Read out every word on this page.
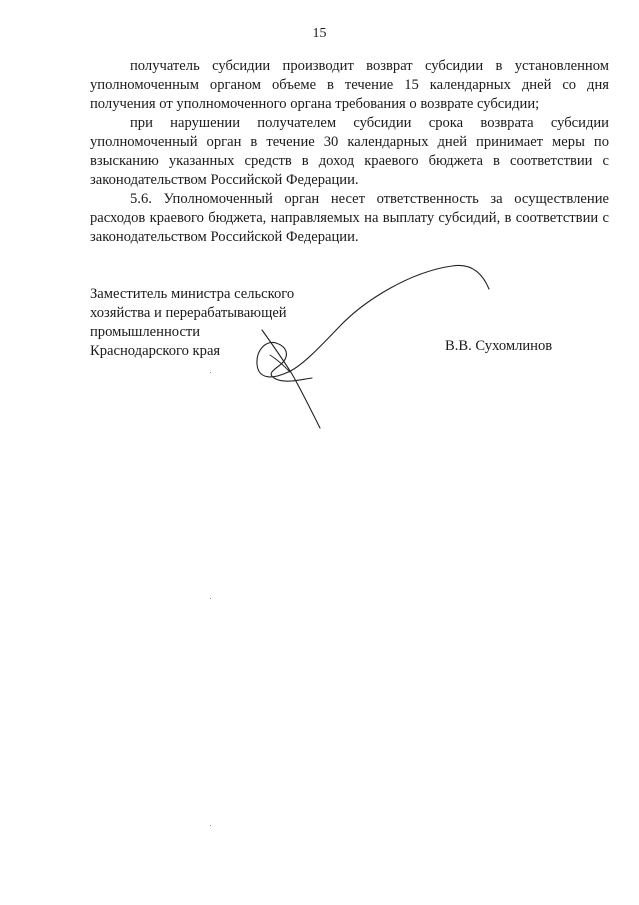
15

получатель субсидии производит возврат субсидии в установленном уполномоченным органом объеме в течение 15 календарных дней со дня получения от уполномоченного органа требования о возврате субсидии;

при нарушении получателем субсидии срока возврата субсидии уполномоченный орган в течение 30 календарных дней принимает меры по взысканию указанных средств в доход краевого бюджета в соответствии с законодательством Российской Федерации.

5.6. Уполномоченный орган несет ответственность за осуществление расходов краевого бюджета, направляемых на выплату субсидий, в соответствии с законодательством Российской Федерации.

Заместитель министра сельского
хозяйства и перерабатывающей
промышленности
Краснодарского края	В.В. Сухомлинов
